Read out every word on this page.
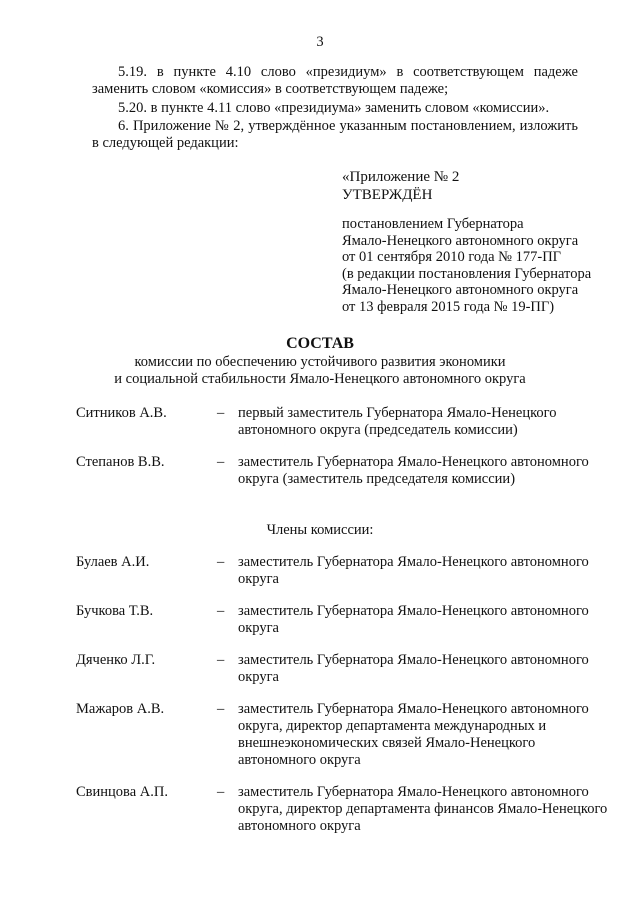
3
5.19. в пункте 4.10 слово «президиум» в соответствующем падеже заменить словом «комиссия» в соответствующем падеже;
5.20. в пункте 4.11 слово «президиума» заменить словом «комиссии».
6. Приложение № 2, утверждённое указанным постановлением, изложить в следующей редакции:
«Приложение № 2
УТВЕРЖДЁН
постановлением Губернатора
Ямало-Ненецкого автономного округа
от 01 сентября 2010 года № 177-ПГ
(в редакции постановления Губернатора
Ямало-Ненецкого автономного округа
от 13 февраля 2015 года № 19-ПГ)
СОСТАВ
комиссии по обеспечению устойчивого развития экономики
и социальной стабильности Ямало-Ненецкого автономного округа
Ситников А.В.	– первый заместитель Губернатора Ямало-Ненецкого автономного округа (председатель комиссии)
Степанов В.В.	– заместитель Губернатора Ямало-Ненецкого автономного округа (заместитель председателя комиссии)
Члены комиссии:
Булаев А.И.	– заместитель Губернатора Ямало-Ненецкого автономного округа
Бучкова Т.В.	– заместитель Губернатора Ямало-Ненецкого автономного округа
Дяченко Л.Г.	– заместитель Губернатора Ямало-Ненецкого автономного округа
Мажаров А.В.	– заместитель Губернатора Ямало-Ненецкого автономного округа, директор департамента международных и внешнеэкономических связей Ямало-Ненецкого автономного округа
Свинцова А.П.	– заместитель Губернатора Ямало-Ненецкого автономного округа, директор департамента финансов Ямало-Ненецкого автономного округа
